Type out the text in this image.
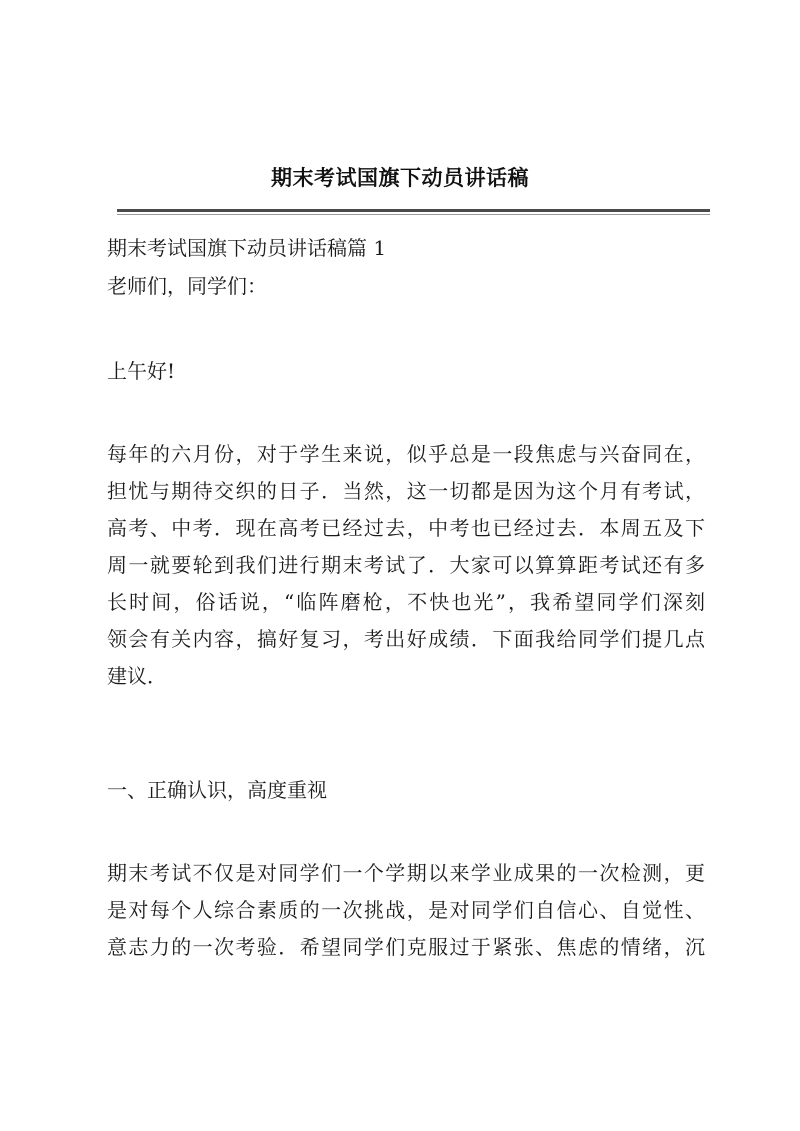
期末考试国旗下动员讲话稿
期末考试国旗下动员讲话稿篇 1
老师们，同学们：
上午好!
每年的六月份，对于学生来说，似乎总是一段焦虑与兴奋同在，
担忧与期待交织的日子．当然，这一切都是因为这个月有考试，
高考、中考．现在高考已经过去，中考也已经过去．本周五及下
周一就要轮到我们进行期末考试了．大家可以算算距考试还有多
长时间，俗话说，“临阵磨枪，不快也光”，我希望同学们深刻
领会有关内容，搞好复习，考出好成绩．下面我给同学们提几点
建议．
一、正确认识，高度重视
期末考试不仅是对同学们一个学期以来学业成果的一次检测，更
是对每个人综合素质的一次挑战，是对同学们自信心、自觉性、
意志力的一次考验．希望同学们克服过于紧张、焦虑的情绪，沉
